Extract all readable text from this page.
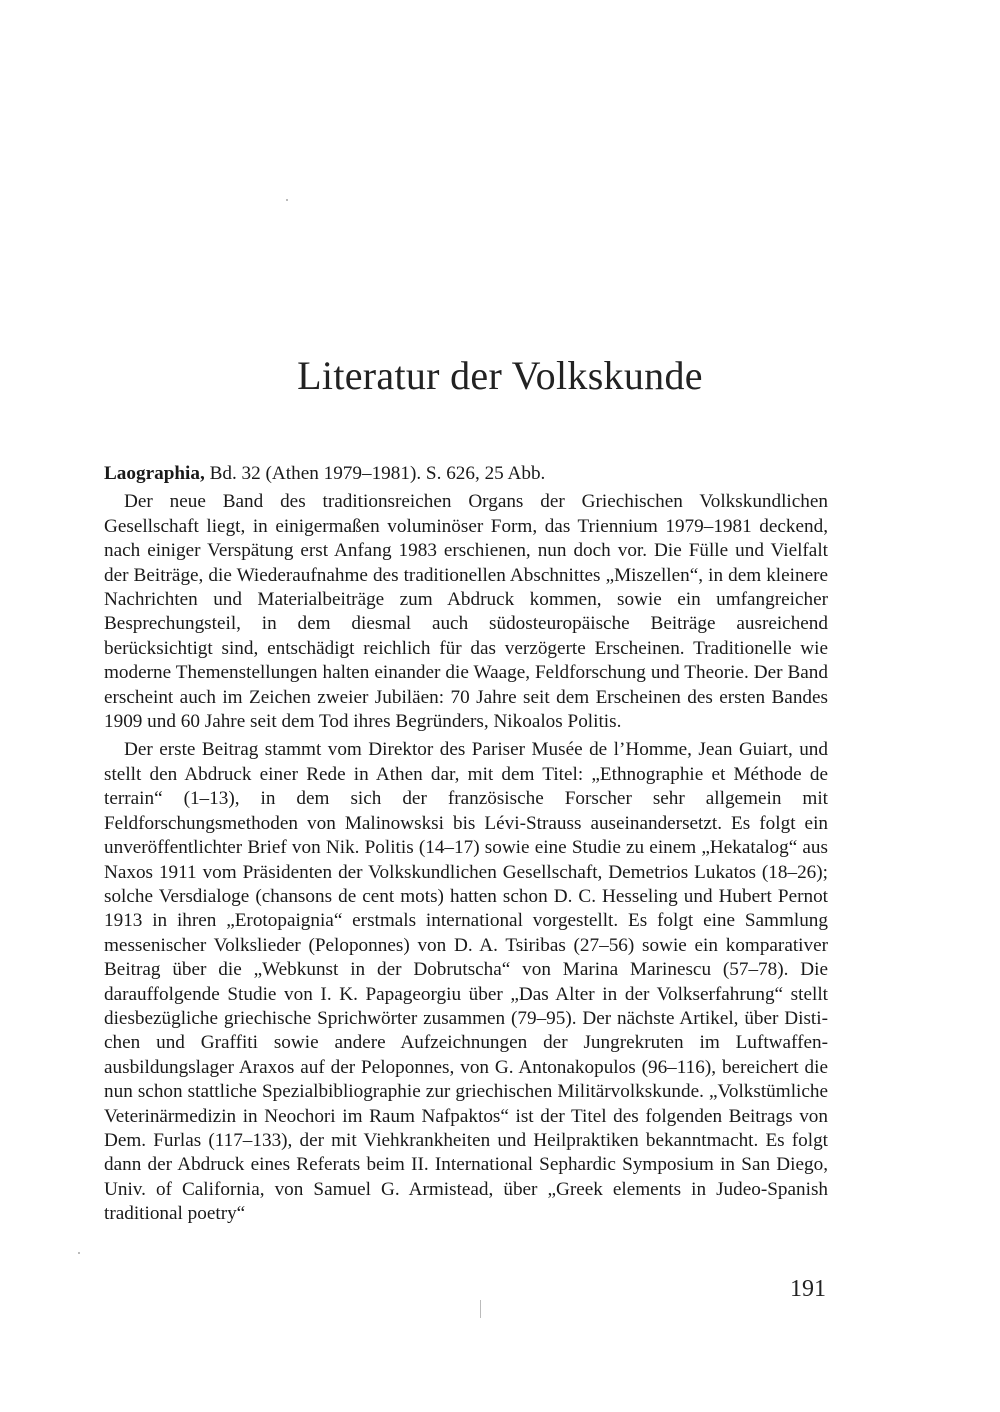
Literatur der Volkskunde

Laographia, Bd. 32 (Athen 1979–1981). S. 626, 25 Abb.

Der neue Band des traditionsreichen Organs der Griechischen Volkskundlichen Gesellschaft liegt, in einigermaßen voluminöser Form, das Triennium 1979–1981 deckend, nach einiger Verspätung erst Anfang 1983 erschienen, nun doch vor. Die Fülle und Vielfalt der Beiträge, die Wiederaufnahme des traditionellen Abschnittes „Miszellen“, in dem kleinere Nachrichten und Materialbeiträge zum Abdruck kommen, sowie ein umfangreicher Besprechungsteil, in dem diesmal auch südosteuropäische Beiträge ausreichend berücksichtigt sind, entschädigt reichlich für das verzögerte Erscheinen. Traditionelle wie moderne Themenstellungen halten einander die Waage, Feldforschung und Theorie. Der Band erscheint auch im Zeichen zweier Jubiläen: 70 Jahre seit dem Erscheinen des ersten Bandes 1909 und 60 Jahre seit dem Tod ihres Begründers, Nikoalos Politis.

Der erste Beitrag stammt vom Direktor des Pariser Musée de l’Homme, Jean Guiart, und stellt den Abdruck einer Rede in Athen dar, mit dem Titel: „Ethnographie et Méthode de terrain“ (1–13), in dem sich der französische Forscher sehr allgemein mit Feldforschungsmethoden von Malinowsksi bis Lévi-Strauss auseinandersetzt. Es folgt ein unveröffentlichter Brief von Nik. Politis (14–17) sowie eine Studie zu einem „Hekatalog“ aus Naxos 1911 vom Präsidenten der Volkskundlichen Gesellschaft, Demetrios Lukatos (18–26); solche Versdialoge (chansons de cent mots) hatten schon D. C. Hesseling und Hubert Pernot 1913 in ihren „Erotopaignia“ erstmals international vorgestellt. Es folgt eine Sammlung messenischer Volkslieder (Peloponnes) von D. A. Tsiribas (27–56) sowie ein komparativer Beitrag über die „Webkunst in der Dobrutscha“ von Marina Marinescu (57–78). Die darauffolgende Studie von I. K. Papageorgiu über „Das Alter in der Volkserfahrung“ stellt diesbezügliche griechische Sprichwörter zusammen (79–95). Der nächste Artikel, über Distichen und Graffiti sowie andere Aufzeichnungen der Jungrekruten im Luftwaffenausbildungslager Araxos auf der Peloponnes, von G. Antonakopulos (96–116), bereichert die nun schon stattliche Spezialbibliographie zur griechischen Militärvolkskunde. „Volkstümliche Veterinärmedizin in Neochori im Raum Nafpaktos“ ist der Titel des folgenden Beitrags von Dem. Furlas (117–133), der mit Viehkrankheiten und Heilpraktiken bekanntmacht. Es folgt dann der Abdruck eines Referats beim II. International Sephardic Symposium in San Diego, Univ. of California, von Samuel G. Armistead, über „Greek elements in Judeo-Spanish traditional poetry“

191
